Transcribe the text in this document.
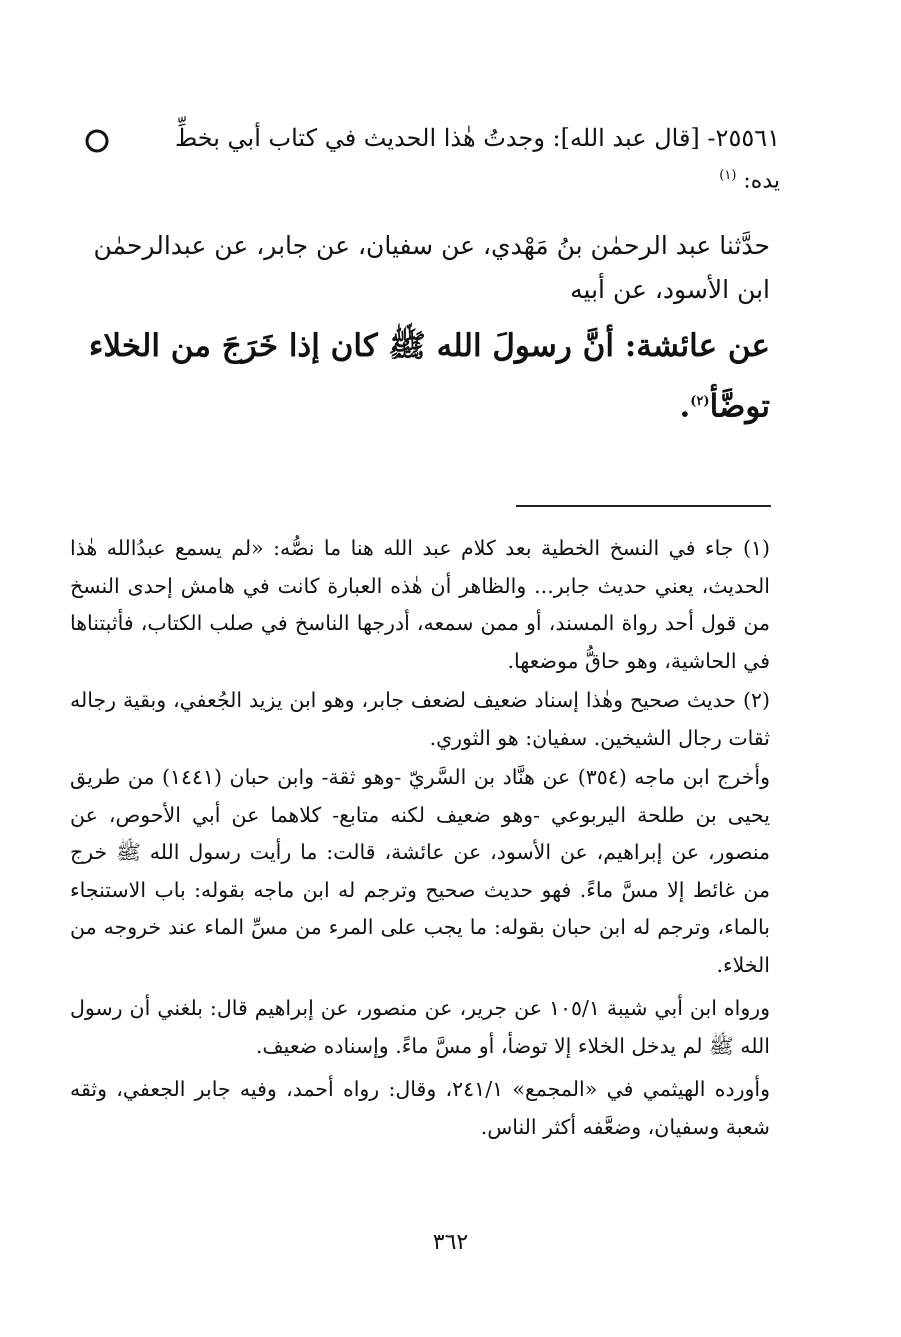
٢٥٥٦١- [قال عبد الله]: وجدتُ هٰذا الحديث في كتاب أبي بخطِّ
يده: $^{(١)}$
حدَّثنا عبد الرحمٰن بنُ مَهْدي، عن سفيان، عن جابر، عن عبدالرحمٰن ابن الأسود، عن أبيه
عن عائشة: أنَّ رسولَ الله ﷺ كان إذا خَرَجَ من الخلاء توضَّأ$^{(٢)}$.

(١) جاء في النسخ الخطية بعد كلام عبد الله هنا ما نصُّه: «لم يسمع عبدُالله هٰذا الحديث، يعني حديث جابر... والظاهر أن هٰذه العبارة كانت في هامش إحدى النسخ من قول أحد رواة المسند، أو ممن سمعه، أدرجها الناسخ في صلب الكتاب، فأثبتناها في الحاشية، وهو حاقُّ موضعها.

(٢) حديث صحيح وهٰذا إسناد ضعيف لضعف جابر، وهو ابن يزيد الجُعفي، وبقية رجاله ثقات رجال الشيخين. سفيان: هو الثوري.

وأخرج ابن ماجه (٣٥٤) عن هنَّاد بن السَّريّ -وهو ثقة- وابن حبان (١٤٤١) من طريق يحيى بن طلحة اليربوعي -وهو ضعيف لكنه متابع- كلاهما عن أبي الأحوص، عن منصور، عن إبراهيم، عن الأسود، عن عائشة، قالت: ما رأيت رسول الله ﷺ خرج من غائط إلا مسَّ ماءً. فهو حديث صحيح وترجم له ابن ماجه بقوله: باب الاستنجاء بالماء، وترجم له ابن حبان بقوله: ما يجب على المرء من مسِّ الماء عند خروجه من الخلاء.

ورواه ابن أبي شيبة ١٠٥/١ عن جرير، عن منصور، عن إبراهيم قال: بلغني أن رسول الله ﷺ لم يدخل الخلاء إلا توضأ، أو مسَّ ماءً. وإسناده ضعيف.

وأورده الهيثمي في «المجمع» ٢٤١/١، وقال: رواه أحمد، وفيه جابر الجعفي، وثقه شعبة وسفيان، وضعَّفه أكثر الناس.

٣٦٢
